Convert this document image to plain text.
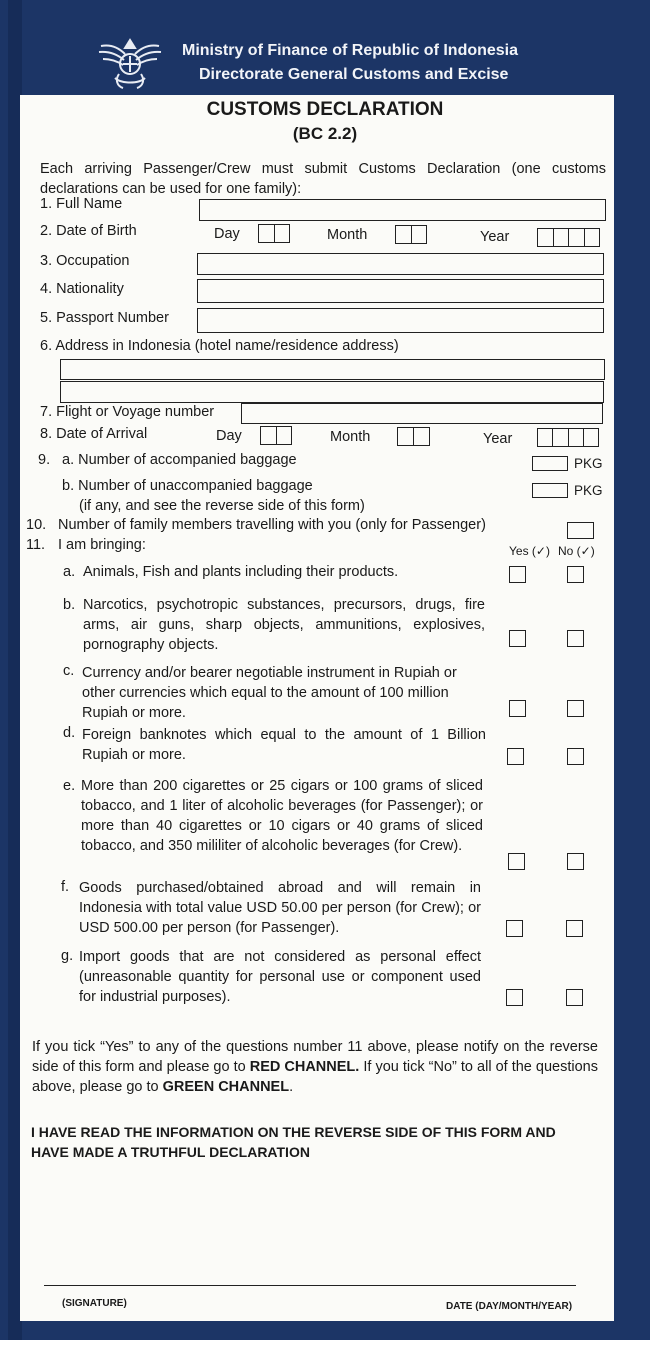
Ministry of Finance of Republic of Indonesia
Directorate General Customs and Excise
CUSTOMS DECLARATION
(BC 2.2)
Each arriving Passenger/Crew must submit Customs Declaration (one customs declarations can be used for one family):
1. Full Name
2. Date of Birth	Day	Month	Year
3. Occupation
4. Nationality
5. Passport Number
6. Address in Indonesia (hotel name/residence address)
7. Flight or Voyage number
8. Date of Arrival	Day	Month	Year
9. a. Number of accompanied baggage	PKG
b. Number of unaccompanied baggage
(if any, and see the reverse side of this form)
PKG
10. Number of family members travelling with you (only for Passenger)
11. I am bringing:	Yes (✓) No (✓)
a. Animals, Fish and plants including their products.
b. Narcotics, psychotropic substances, precursors, drugs, fire arms, air guns, sharp objects, ammunitions, explosives, pornography objects.
c. Currency and/or bearer negotiable instrument in Rupiah or other currencies which equal to the amount of 100 million Rupiah or more.
d. Foreign banknotes which equal to the amount of 1 Billion Rupiah or more.
e. More than 200 cigarettes or 25 cigars or 100 grams of sliced tobacco, and 1 liter of alcoholic beverages (for Passenger); or more than 40 cigarettes or 10 cigars or 40 grams of sliced tobacco, and 350 mililiter of alcoholic beverages (for Crew).
f. Goods purchased/obtained abroad and will remain in Indonesia with total value USD 50.00 per person (for Crew); or USD 500.00 per person (for Passenger).
g. Import goods that are not considered as personal effect (unreasonable quantity for personal use or component used for industrial purposes).
If you tick “Yes” to any of the questions number 11 above, please notify on the reverse side of this form and please go to RED CHANNEL. If you tick “No” to all of the questions above, please go to GREEN CHANNEL.
I HAVE READ THE INFORMATION ON THE REVERSE SIDE OF THIS FORM AND HAVE MADE A TRUTHFUL DECLARATION
(SIGNATURE)	DATE (DAY/MONTH/YEAR)
